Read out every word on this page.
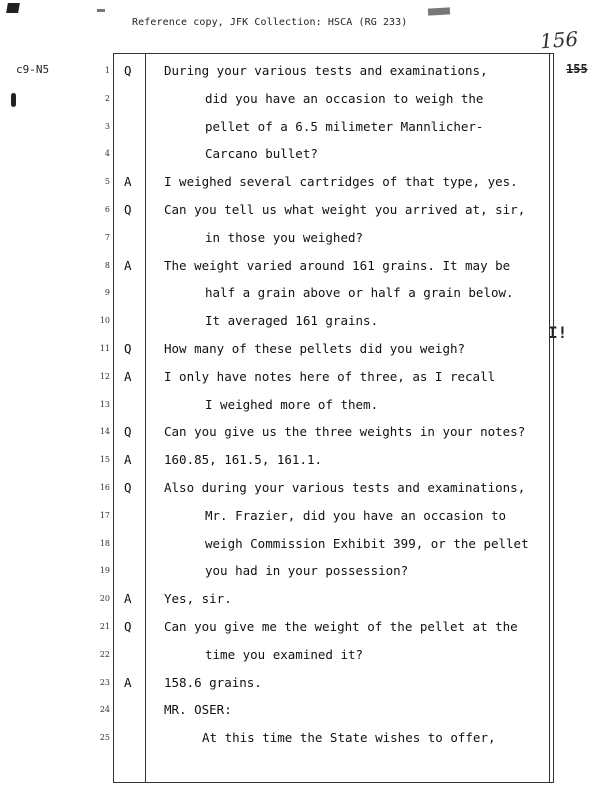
Reference copy, JFK Collection: HSCA (RG 233)
c9-N5
156
155
I!
1 Q	During your various tests and examinations,
2	did you have an occasion to weigh the
3	pellet of a 6.5 milimeter Mannlicher-
4	Carcano bullet?
5 A	I weighed several cartridges of that type, yes.
6 Q	Can you tell us what weight you arrived at, sir,
7	in those you weighed?
8 A	The weight varied around 161 grains. It may be
9	half a grain above or half a grain below.
10	It averaged 161 grains.
11 Q	How many of these pellets did you weigh?
12 A	I only have notes here of three, as I recall
13	I weighed more of them.
14 Q	Can you give us the three weights in your notes?
15 A	160.85, 161.5, 161.1.
16 Q	Also during your various tests and examinations,
17	Mr. Frazier, did you have an occasion to
18	weigh Commission Exhibit 399, or the pellet
19	you had in your possession?
20 A	Yes, sir.
21 Q	Can you give me the weight of the pellet at the
22	time you examined it?
23 A	158.6 grains.
24	MR. OSER:
25	At this time the State wishes to offer,
